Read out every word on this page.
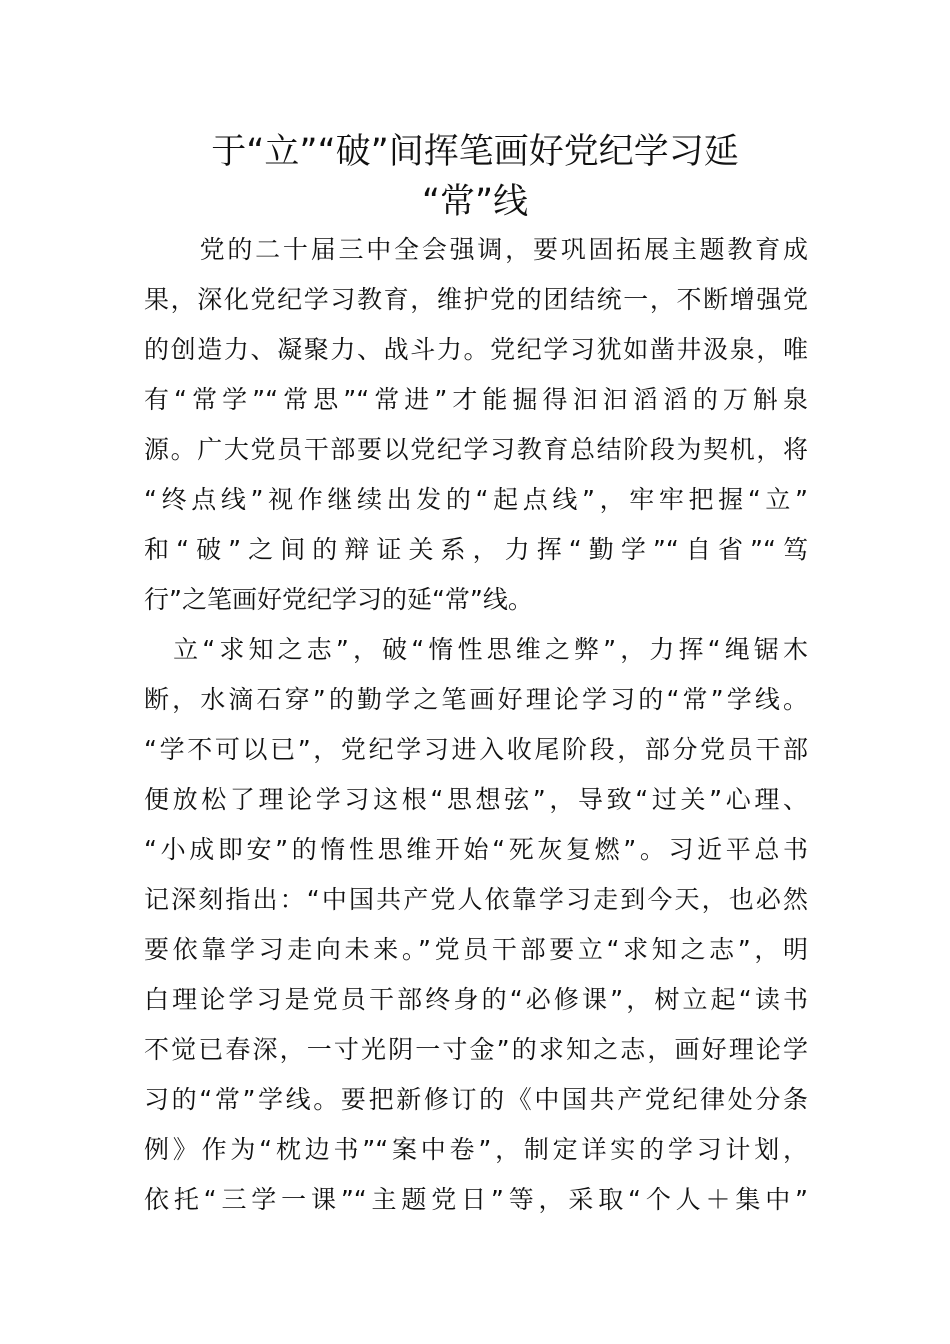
于“立”“破”间挥笔画好党纪学习延
“常”线

　　党的二十届三中全会强调，要巩固拓展主题教育成

果，深化党纪学习教育，维护党的团结统一，不断增强党

的创造力、凝聚力、战斗力。党纪学习犹如凿井汲泉，唯

有“常学”“常思”“常进”才能掘得汩汩滔滔的万斛泉

源。广大党员干部要以党纪学习教育总结阶段为契机，将

“终点线”视作继续出发的“起点线”，牢牢把握“立”

和“破”之间的辩证关系，力挥“勤学”“自省”“笃

行”之笔画好党纪学习的延“常”线。

　立“求知之志”，破“惰性思维之弊”，力挥“绳锯木

断，水滴石穿”的勤学之笔画好理论学习的“常”学线。

“学不可以已”，党纪学习进入收尾阶段，部分党员干部

便放松了理论学习这根“思想弦”，导致“过关”心理、

“小成即安”的惰性思维开始“死灰复燃”。习近平总书

记深刻指出：“中国共产党人依靠学习走到今天，也必然

要依靠学习走向未来。”党员干部要立“求知之志”，明

白理论学习是党员干部终身的“必修课”，树立起“读书

不觉已春深，一寸光阴一寸金”的求知之志，画好理论学

习的“常”学线。要把新修订的《中国共产党纪律处分条

例》作为“枕边书”“案中卷”，制定详实的学习计划，

依托“三学一课”“主题党日”等，采取“个人＋集中”
